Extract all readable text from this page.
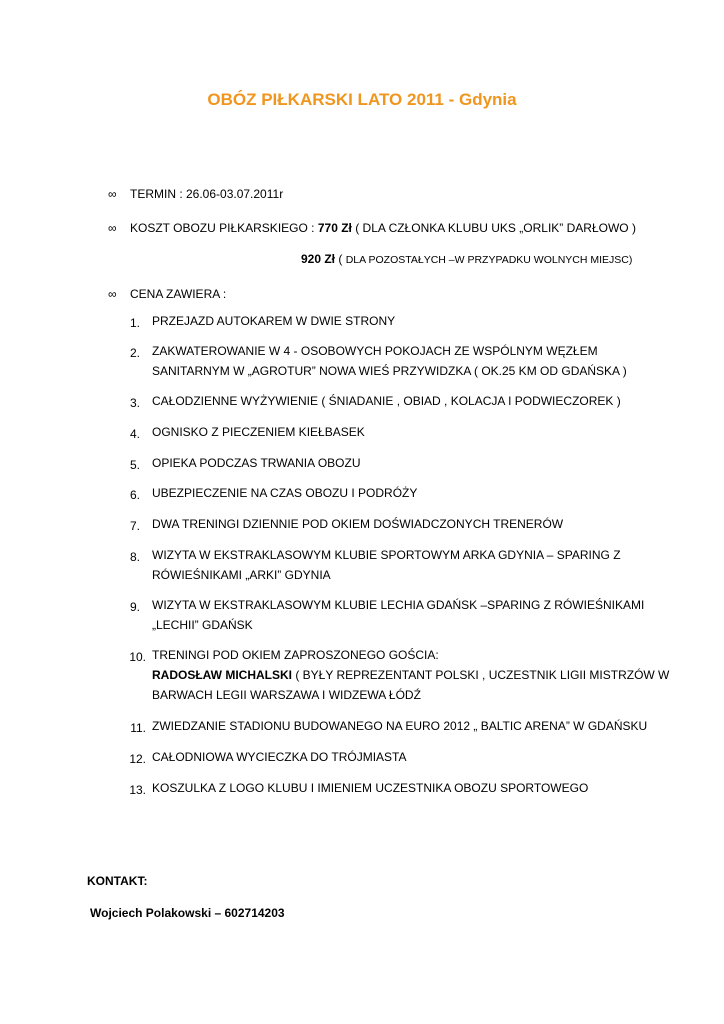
OBÓZ PIŁKARSKI LATO 2011 - Gdynia
∞ TERMIN : 26.06-03.07.2011r
∞ KOSZT OBOZU PIŁKARSKIEGO : 770 Zł ( DLA CZŁONKA KLUBU UKS „ORLIK” DARŁOWO )
920 Zł ( DLA POZOSTAŁYCH –W PRZYPADKU WOLNYCH MIEJSC)
∞ CENA ZAWIERA :
1. PRZEJAZD AUTOKAREM W DWIE STRONY
2. ZAKWATEROWANIE W 4 - OSOBOWYCH POKOJACH ZE WSPÓLNYM WĘZŁEM
SANITARNYM W „AGROTUR” NOWA WIEŚ PRZYWIDZKA ( OK.25 KM OD GDAŃSKA )
3. CAŁODZIENNE WYŻYWIENIE ( ŚNIADANIE , OBIAD , KOLACJA I PODWIECZOREK )
4. OGNISKO Z PIECZENIEM KIEŁBASEK
5. OPIEKA PODCZAS TRWANIA OBOZU
6. UBEZPIECZENIE NA CZAS OBOZU I PODRÓŻY
7. DWA TRENINGI DZIENNIE POD OKIEM DOŚWIADCZONYCH TRENERÓW
8. WIZYTA W EKSTRAKLASOWYM KLUBIE SPORTOWYM ARKA GDYNIA – SPARING Z
RÓWIEŚNIKAMI „ARKI” GDYNIA
9. WIZYTA W EKSTRAKLASOWYM KLUBIE LECHIA GDAŃSK –SPARING Z RÓWIEŚNIKAMI
„LECHII” GDAŃSK
10. TRENINGI POD OKIEM ZAPROSZONEGO GOŚCIA:
RADOSŁAW MICHALSKI ( BYŁY REPREZENTANT POLSKI , UCZESTNIK LIGII MISTRZÓW W
BARWACH LEGII WARSZAWA I WIDZEWA ŁÓDŹ
11. ZWIEDZANIE STADIONU BUDOWANEGO NA EURO 2012 „ BALTIC ARENA” W GDAŃSKU
12. CAŁODNIOWA WYCIECZKA DO TRÓJMIASTA
13. KOSZULKA Z LOGO KLUBU I IMIENIEM UCZESTNIKA OBOZU SPORTOWEGO
KONTAKT:
Wojciech Polakowski – 602714203
